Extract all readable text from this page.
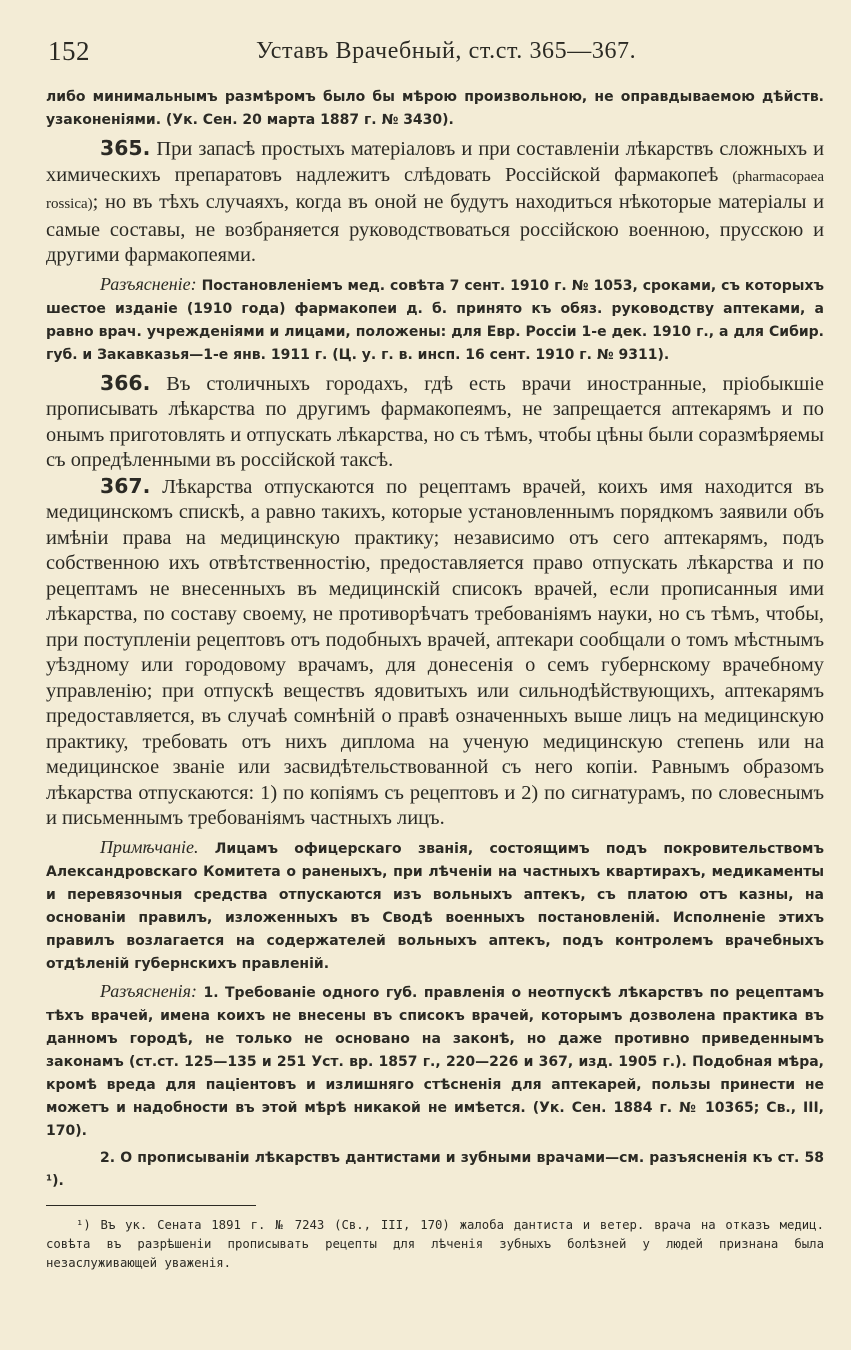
152	Уставъ Врачебный, ст.ст. 365—367.

либо минимальнымъ размѣромъ было бы мѣрою произвольною, не оправдываемою дѣйств. узаконеніями. (Ук. Сен. 20 марта 1887 г. № 3430).

365. При запасѣ простыхъ матеріаловъ и при составленіи лѣкарствъ сложныхъ и химическихъ препаратовъ надлежитъ слѣдовать Россійской фармакопеѣ (pharmacopaea rossica); но въ тѣхъ случаяхъ, когда въ оной не будутъ находиться нѣкоторые матеріалы и самые составы, не возбраняется руководствоваться россійскою военною, прусскою и другими фармакопеями.

Разъясненіе: Постановленіемъ мед. совѣта 7 сент. 1910 г. № 1053, сроками, съ которыхъ шестое изданіе (1910 года) фармакопеи д. б. принято къ обяз. руководству аптеками, а равно врач. учрежденіями и лицами, положены: для Евр. Россіи 1-е дек. 1910 г., а для Сибир. губ. и Закавказья—1-е янв. 1911 г. (Ц. у. г. в. инсп. 16 сент. 1910 г. № 9311).

366. Въ столичныхъ городахъ, гдѣ есть врачи иностранные, пріобыкшіе прописывать лѣкарства по другимъ фармакопеямъ, не запрещается аптекарямъ и по онымъ приготовлять и отпускать лѣкарства, но съ тѣмъ, чтобы цѣны были соразмѣряемы съ опредѣленными въ россійской таксѣ.

367. Лѣкарства отпускаются по рецептамъ врачей, коихъ имя находится въ медицинскомъ спискѣ, а равно такихъ, которые установленнымъ порядкомъ заявили объ имѣніи права на медицинскую практику; независимо отъ сего аптекарямъ, подъ собственною ихъ отвѣтственностію, предоставляется право отпускать лѣкарства и по рецептамъ не внесенныхъ въ медицинскій списокъ врачей, если прописанныя ими лѣкарства, по составу своему, не противорѣчатъ требованіямъ науки, но съ тѣмъ, чтобы, при поступленіи рецептовъ отъ подобныхъ врачей, аптекари сообщали о томъ мѣстнымъ уѣздному или городовому врачамъ, для донесенія о семъ губернскому врачебному управленію; при отпускѣ веществъ ядовитыхъ или сильнодѣйствующихъ, аптекарямъ предоставляется, въ случаѣ сомнѣній о правѣ означенныхъ выше лицъ на медицинскую практику, требовать отъ нихъ диплома на ученую медицинскую степень или на медицинское званіе или засвидѣтельствованной съ него копіи. Равнымъ образомъ лѣкарства отпускаются: 1) по копіямъ съ рецептовъ и 2) по сигнатурамъ, по словеснымъ и письменнымъ требованіямъ частныхъ лицъ.

Примѣчаніе. Лицамъ офицерскаго званія, состоящимъ подъ покровительствомъ Александровскаго Комитета о раненыхъ, при лѣченіи на частныхъ квартирахъ, медикаменты и перевязочныя средства отпускаются изъ вольныхъ аптекъ, съ платою отъ казны, на основаніи правилъ, изложенныхъ въ Сводѣ военныхъ постановленій. Исполненіе этихъ правилъ возлагается на содержателей вольныхъ аптекъ, подъ контролемъ врачебныхъ отдѣленій губернскихъ правленій.

Разъясненія: 1. Требованіе одного губ. правленія о неотпускѣ лѣкарствъ по рецептамъ тѣхъ врачей, имена коихъ не внесены въ списокъ врачей, которымъ дозволена практика въ данномъ городѣ, не только не основано на законѣ, но даже противно приведеннымъ законамъ (ст.ст. 125—135 и 251 Уст. вр. 1857 г., 220—226 и 367, изд. 1905 г.). Подобная мѣра, кромѣ вреда для паціентовъ и излишняго стѣсненія для аптекарей, пользы принести не можетъ и надобности въ этой мѣрѣ никакой не имѣется. (Ук. Сен. 1884 г. № 10365; Св., III, 170).

2. О прописываніи лѣкарствъ дантистами и зубными врачами—см. разъясненія къ ст. 58 ¹).

¹) Въ ук. Сената 1891 г. № 7243 (Св., III, 170) жалоба дантиста и ветер. врача на отказъ медиц. совѣта въ разрѣшеніи прописывать рецепты для лѣченія зубныхъ болѣзней у людей признана была незаслуживающей уваженія.
